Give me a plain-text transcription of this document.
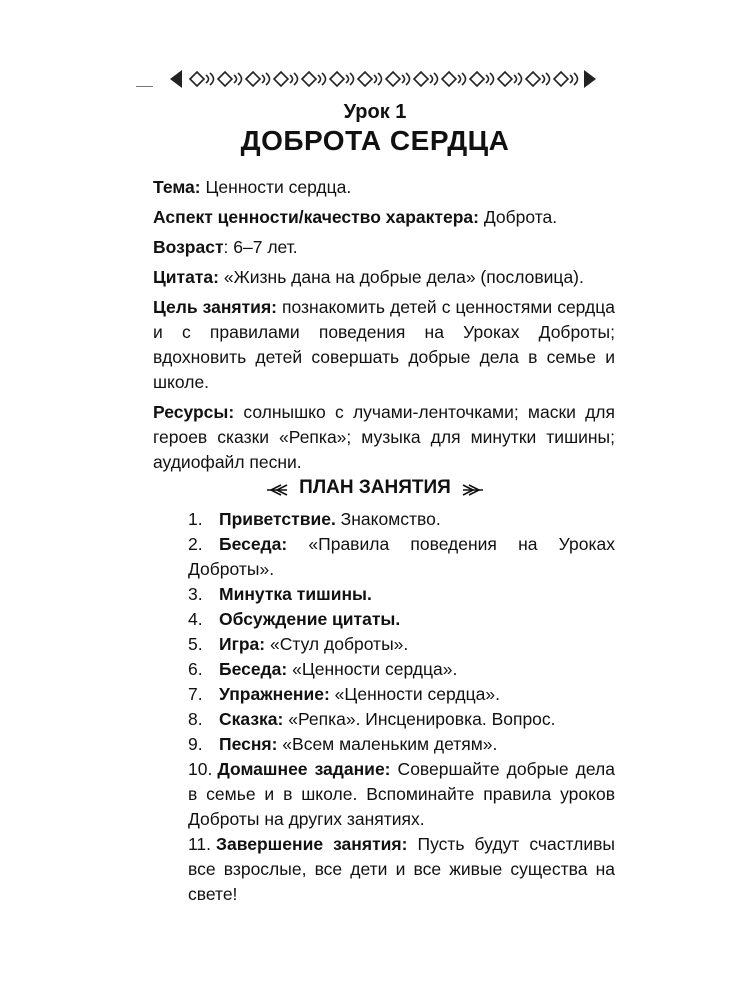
Урок 1
ДОБРОТА СЕРДЦА

Тема: Ценности сердца.

Аспект ценности/качество характера: Доброта.

Возраст: 6–7 лет.

Цитата: «Жизнь дана на добрые дела» (пословица).

Цель занятия: познакомить детей с ценностями сердца и с правилами поведения на Уроках Доброты; вдохновить детей совершать добрые дела в семье и школе.

Ресурсы: солнышко с лучами-ленточками; маски для героев сказки «Репка»; музыка для минутки тишины; аудиофайл песни.

ПЛАН ЗАНЯТИЯ
1. Приветствие. Знакомство.
2. Беседа: «Правила поведения на Уроках Доброты».
3. Минутка тишины.
4. Обсуждение цитаты.
5. Игра: «Стул доброты».
6. Беседа: «Ценности сердца».
7. Упражнение: «Ценности сердца».
8. Сказка: «Репка». Инсценировка. Вопрос.
9. Песня: «Всем маленьким детям».
10. Домашнее задание: Совершайте добрые дела в семье и в школе. Вспоминайте правила уроков Доброты на других занятиях.
11. Завершение занятия: Пусть будут счастливы все взрослые, все дети и все живые существа на свете!
